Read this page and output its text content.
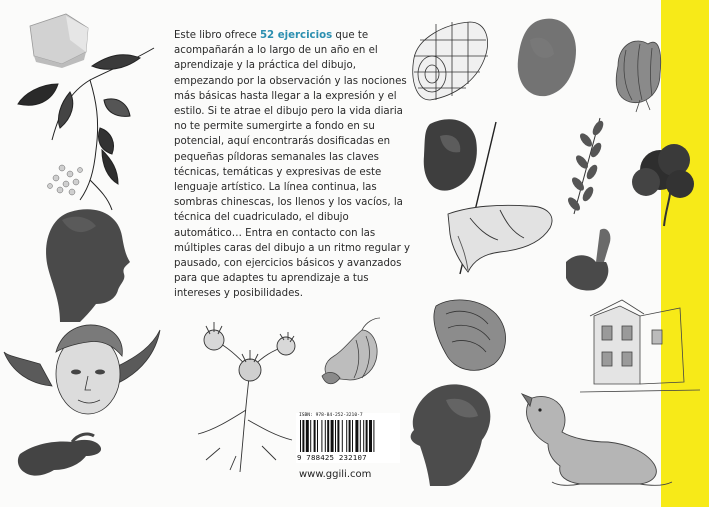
Este libro ofrece 52 ejercicios que te acompañarán a lo largo de un año en el aprendizaje y la práctica del dibujo, empezando por la observación y las nociones más básicas hasta llegar a la expresión y el estilo. Si te atrae el dibujo pero la vida diaria no te permite sumergirte a fondo en su potencial, aquí encontrarás dosificadas en pequeñas píldoras semanales las claves técnicas, temáticas y expresivas de este lenguaje artístico. La línea continua, las sombras chinescas, los llenos y los vacíos, la técnica del cuadriculado, el dibujo automático… Entra en contacto con las múltiples caras del dibujo a un ritmo regular y pausado, con ejercicios básicos y avanzados para que adaptes tu aprendizaje a tus intereses y posibilidades.

ISBN: 978-84-252-3210-7
9 788425 232107
www.ggili.com
